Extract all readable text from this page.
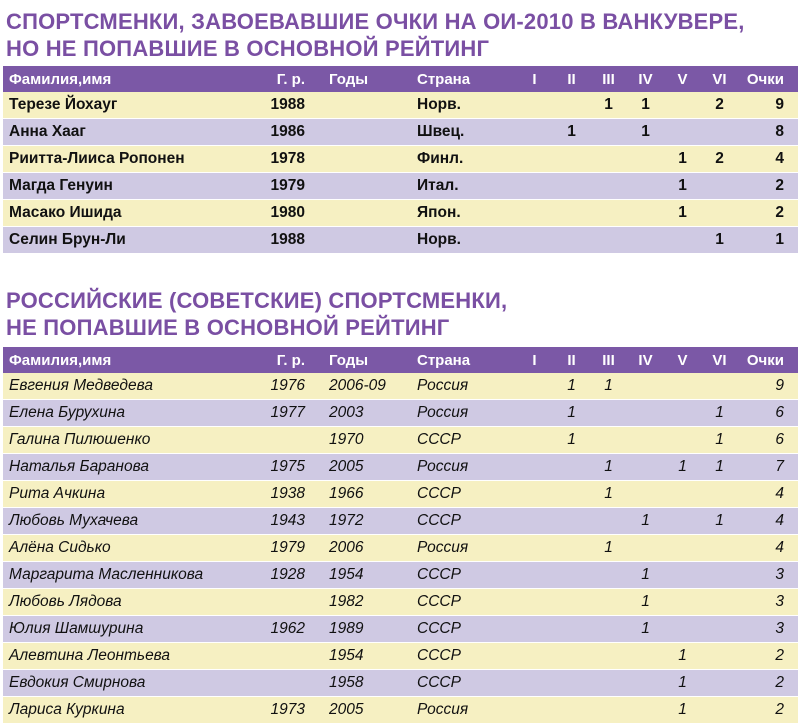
СПОРТСМЕНКИ, ЗАВОЕВАВШИЕ ОЧКИ НА ОИ-2010 В ВАНКУВЕРЕ,
НО НЕ ПОПАВШИЕ В ОСНОВНОЙ РЕЙТИНГ
Фамилия,имя	Г. р.	Годы	Страна	I	II	III	IV	V	VI	Очки
Терезе Йохауг	1988		Норв.			1	1		2	9
Анна Хааг	1986		Швец.		1		1			8
Риитта-Лииса Ропонен	1978		Финл.					1	2	4
Магда Генуин	1979		Итал.					1		2
Масако Ишида	1980		Япон.					1		2
Селин Брун-Ли	1988		Норв.						1	1
РОССИЙСКИЕ (СОВЕТСКИЕ) СПОРТСМЕНКИ,
НЕ ПОПАВШИЕ В ОСНОВНОЙ РЕЙТИНГ
Фамилия,имя	Г. р.	Годы	Страна	I	II	III	IV	V	VI	Очки
Евгения Медведева	1976	2006-09	Россия		1	1				9
Елена Бурухина	1977	2003	Россия		1				1	6
Галина Пилюшенко		1970	СССР		1				1	6
Наталья Баранова	1975	2005	Россия			1		1	1	7
Рита Ачкина	1938	1966	СССР			1				4
Любовь Мухачева	1943	1972	СССР				1		1	4
Алёна Сидько	1979	2006	Россия			1				4
Маргарита Масленникова	1928	1954	СССР				1			3
Любовь Лядова		1982	СССР				1			3
Юлия Шамшурина	1962	1989	СССР				1			3
Алевтина Леонтьева		1954	СССР					1		2
Евдокия Смирнова		1958	СССР					1		2
Лариса Куркина	1973	2005	Россия					1		2
